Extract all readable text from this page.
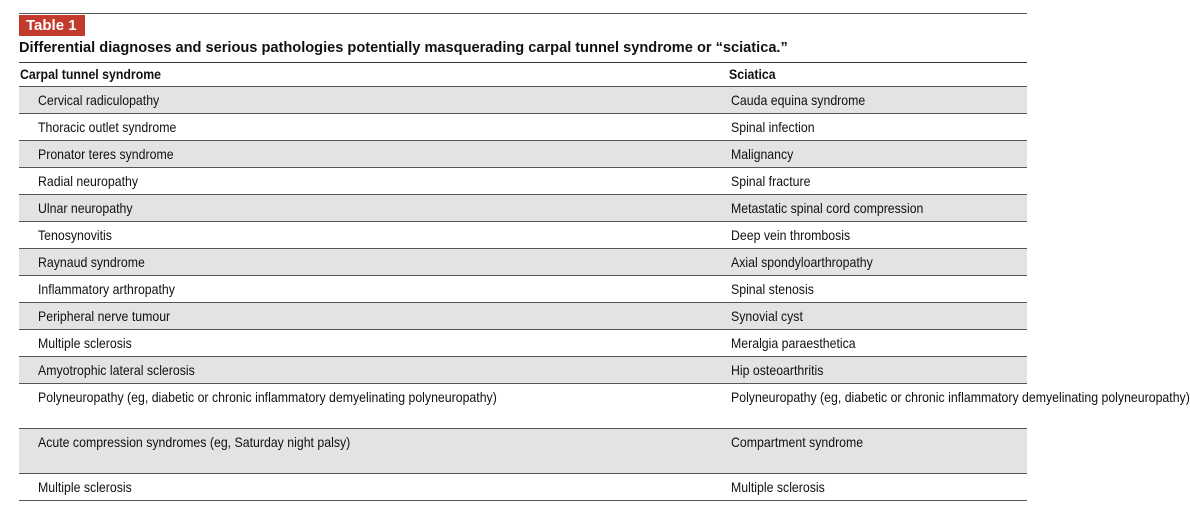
Table 1
Differential diagnoses and serious pathologies potentially masquerading carpal tunnel syndrome or “sciatica.”
Carpal tunnel syndrome	Sciatica
Cervical radiculopathy	Cauda equina syndrome
Thoracic outlet syndrome	Spinal infection
Pronator teres syndrome	Malignancy
Radial neuropathy	Spinal fracture
Ulnar neuropathy	Metastatic spinal cord compression
Tenosynovitis	Deep vein thrombosis
Raynaud syndrome	Axial spondyloarthropathy
Inflammatory arthropathy	Spinal stenosis
Peripheral nerve tumour	Synovial cyst
Multiple sclerosis	Meralgia paraesthetica
Amyotrophic lateral sclerosis	Hip osteoarthritis
Polyneuropathy (eg, diabetic or chronic inflammatory demyelinating polyneuropathy)	Polyneuropathy (eg, diabetic or chronic inflammatory demyelinating polyneuropathy)
Acute compression syndromes (eg, Saturday night palsy)	Compartment syndrome
Multiple sclerosis	Multiple sclerosis
